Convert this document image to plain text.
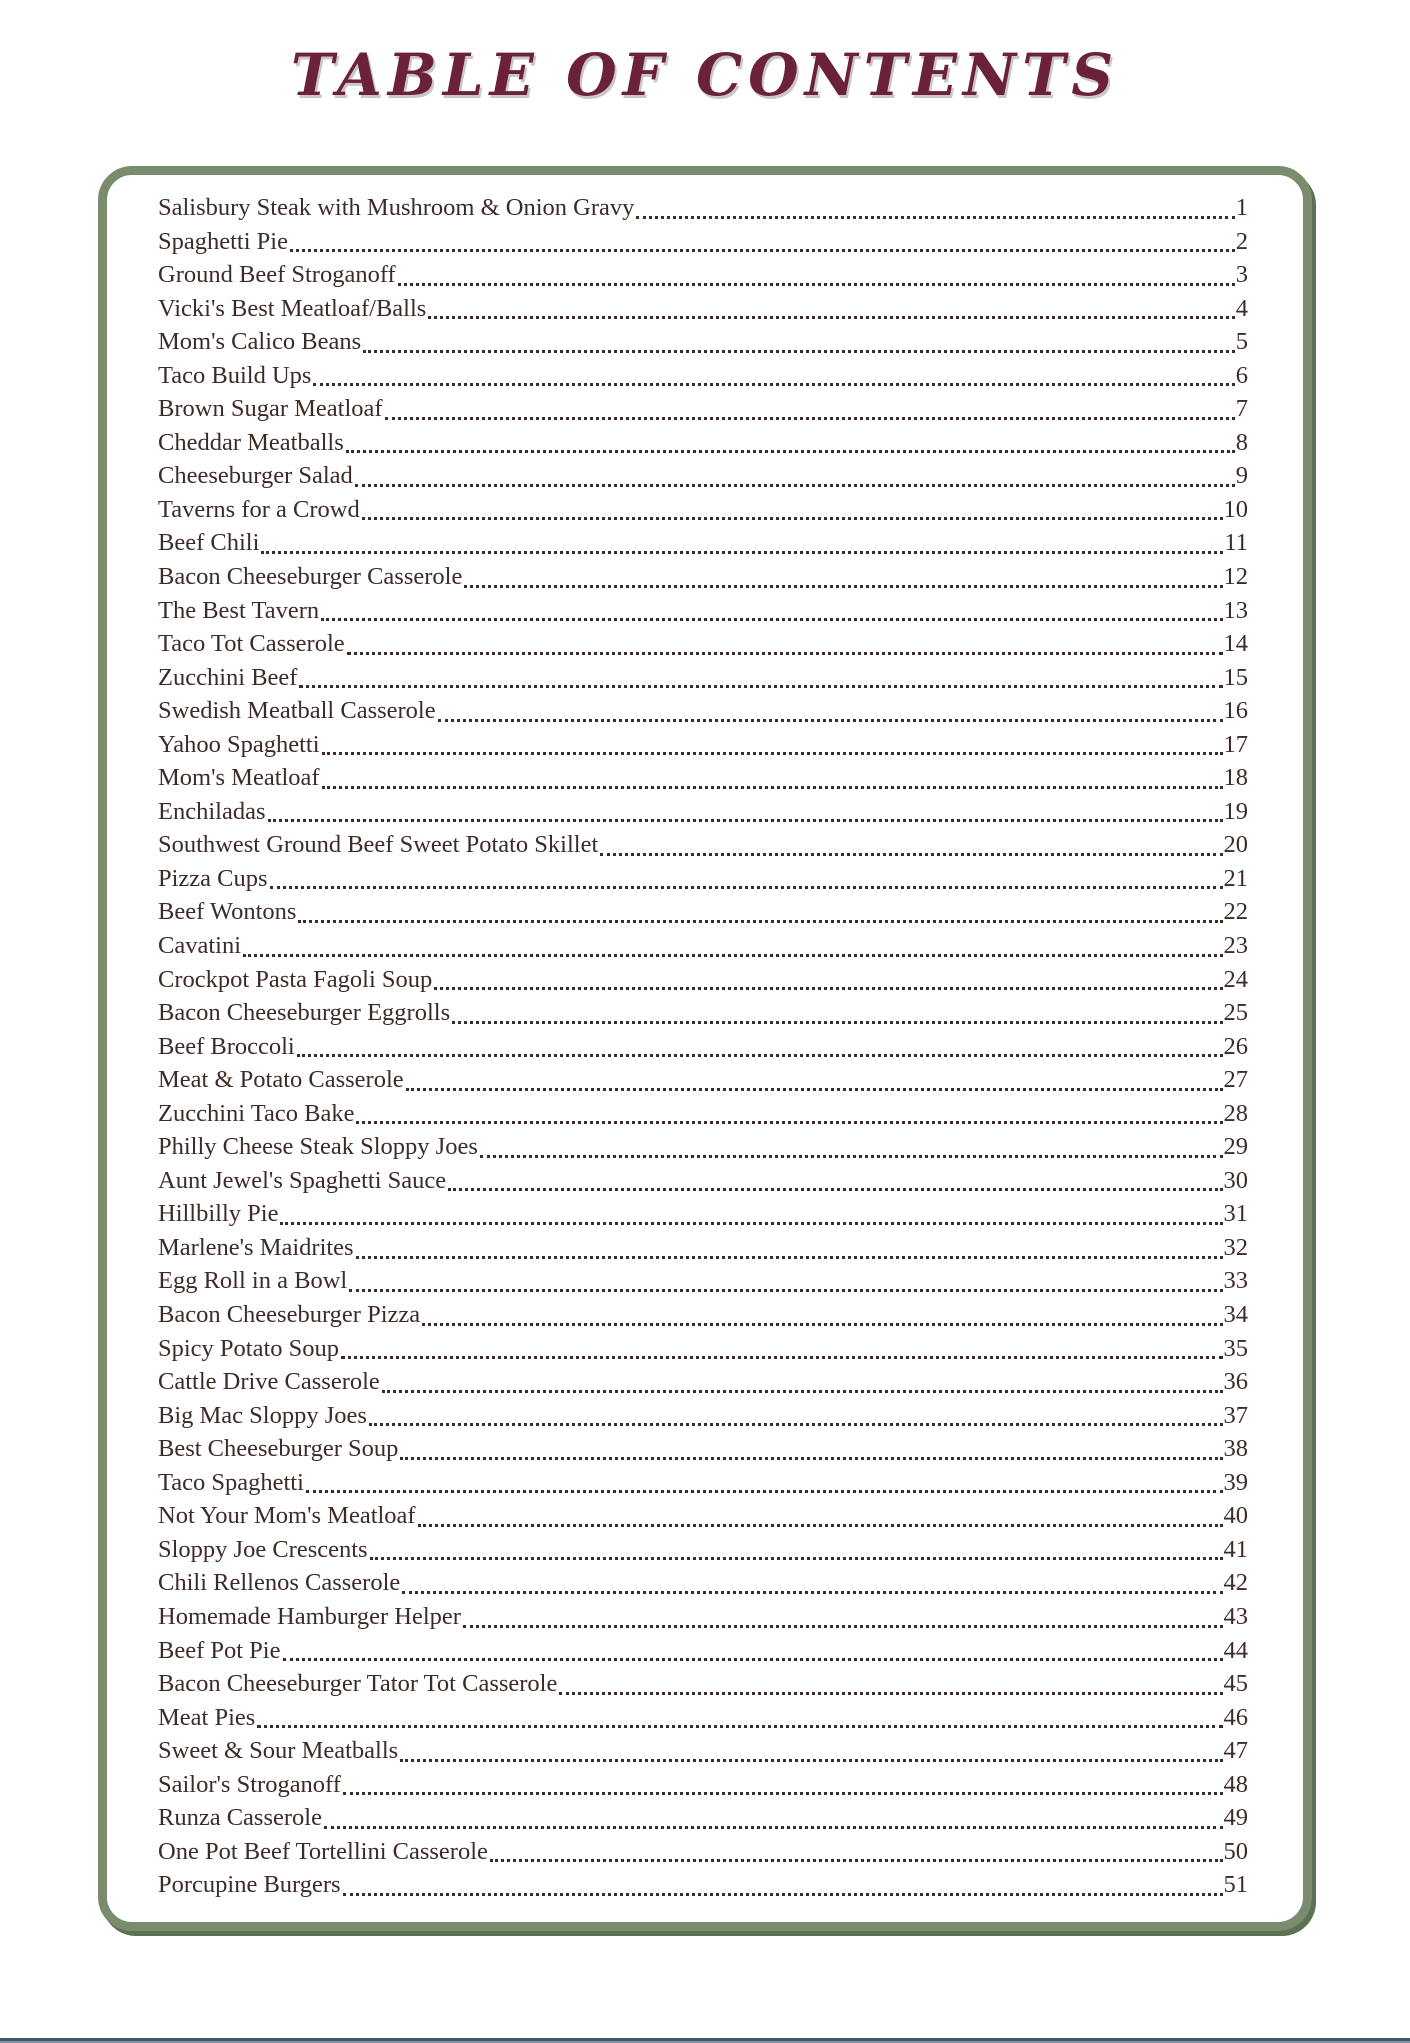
TABLE OF CONTENTS
Salisbury Steak with Mushroom & Onion Gravy	1
Spaghetti Pie	2
Ground Beef Stroganoff	3
Vicki's Best Meatloaf/Balls	4
Mom's Calico Beans	5
Taco Build Ups	6
Brown Sugar Meatloaf	7
Cheddar Meatballs	8
Cheeseburger Salad	9
Taverns for a Crowd	10
Beef Chili	11
Bacon Cheeseburger Casserole	12
The Best Tavern	13
Taco Tot Casserole	14
Zucchini Beef	15
Swedish Meatball Casserole	16
Yahoo Spaghetti	17
Mom's Meatloaf	18
Enchiladas	19
Southwest Ground Beef Sweet Potato Skillet	20
Pizza Cups	21
Beef Wontons	22
Cavatini	23
Crockpot Pasta Fagoli Soup	24
Bacon Cheeseburger Eggrolls	25
Beef Broccoli	26
Meat & Potato Casserole	27
Zucchini Taco Bake	28
Philly Cheese Steak Sloppy Joes	29
Aunt Jewel's Spaghetti Sauce	30
Hillbilly Pie	31
Marlene's Maidrites	32
Egg Roll in a Bowl	33
Bacon Cheeseburger Pizza	34
Spicy Potato Soup	35
Cattle Drive Casserole	36
Big Mac Sloppy Joes	37
Best Cheeseburger Soup	38
Taco Spaghetti	39
Not Your Mom's Meatloaf	40
Sloppy Joe Crescents	41
Chili Rellenos Casserole	42
Homemade Hamburger Helper	43
Beef Pot Pie	44
Bacon Cheeseburger Tator Tot Casserole	45
Meat Pies	46
Sweet & Sour Meatballs	47
Sailor's Stroganoff	48
Runza Casserole	49
One Pot Beef Tortellini Casserole	50
Porcupine Burgers	51
